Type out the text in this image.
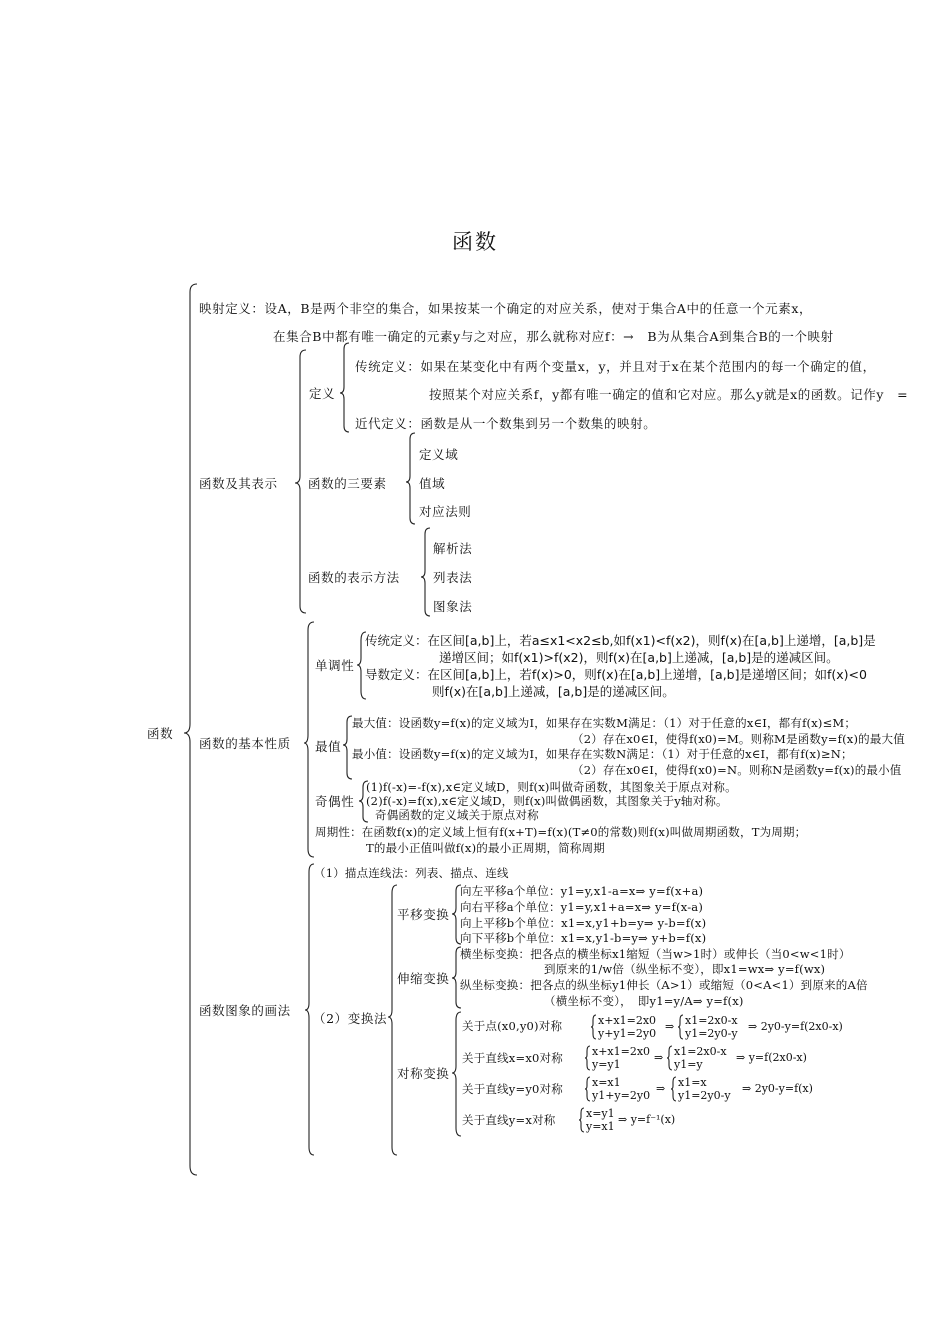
函数
函数
映射定义：设A，B是两个非空的集合，如果按某一个确定的对应关系，使对于集合A中的任意一个元素x，
在集合B中都有唯一确定的元素y与之对应，那么就称对应f：→　B为从集合A到集合B的一个映射
函数及其表示
定义
传统定义：如果在某变化中有两个变量x，y，并且对于x在某个范围内的每一个确定的值，
按照某个对应关系f，y都有唯一确定的值和它对应。那么y就是x的函数。记作y　=
近代定义：函数是从一个数集到另一个数集的映射。
函数的三要素
定义域
值域
对应法则
函数的表示方法
解析法
列表法
图象法
函数的基本性质
单调性
传统定义：在区间[a,b]上，若a≤x1<x2≤b,如f(x1)<f(x2)，则f(x)在[a,b]上递增，[a,b]是
递增区间；如f(x1)>f(x2)，则f(x)在[a,b]上递减，[a,b]是的递减区间。
导数定义：在区间[a,b]上，若f(x)>0，则f(x)在[a,b]上递增，[a,b]是递增区间；如f(x)<0
则f(x)在[a,b]上递减，[a,b]是的递减区间。
最值
最大值：设函数y=f(x)的定义域为I，如果存在实数M满足：（1）对于任意的x∈I，都有f(x)≤M；
（2）存在x0∈I，使得f(x0)=M。则称M是函数y=f(x)的最大值
最小值：设函数y=f(x)的定义域为I，如果存在实数N满足：（1）对于任意的x∈I，都有f(x)≥N；
（2）存在x0∈I，使得f(x0)=N。则称N是函数y=f(x)的最小值
奇偶性
(1)f(-x)=-f(x),x∈定义域D，则f(x)叫做奇函数，其图象关于原点对称。
(2)f(-x)=f(x),x∈定义域D，则f(x)叫做偶函数，其图象关于y轴对称。
奇偶函数的定义域关于原点对称
周期性：在函数f(x)的定义域上恒有f(x+T)=f(x)(T≠0的常数)则f(x)叫做周期函数，T为周期；
T的最小正值叫做f(x)的最小正周期，简称周期
函数图象的画法
（1）描点连线法：列表、描点、连线
（2）变换法
平移变换
向左平移a个单位：y1=y,x1-a=x⇒ y=f(x+a)
向右平移a个单位：y1=y,x1+a=x⇒ y=f(x-a)
向上平移b个单位：x1=x,y1+b=y⇒ y-b=f(x)
向下平移b个单位：x1=x,y1-b=y⇒ y+b=f(x)
伸缩变换
横坐标变换：把各点的横坐标x1缩短（当w>1时）或伸长（当0<w<1时）
到原来的1/w倍（纵坐标不变），即x1=wx⇒ y=f(wx)
纵坐标变换：把各点的纵坐标y1伸长（A>1）或缩短（0<A<1）到原来的A倍
（横坐标不变），　即y1=y/A⇒ y=f(x)
对称变换
关于点(x0,y0)对称	x+x1=2x0
y+y1=2y0
⇒ x1=2x0-x
y1=2y0-y
⇒ 2y0-y=f(2x0-x)
关于直线x=x0对称	x+x1=2x0
y=y1
⇒ x1=2x0-x
y1=y
⇒ y=f(2x0-x)
关于直线y=y0对称	x=x1
y1+y=2y0
⇒ x1=x
y1=2y0-y
⇒ 2y0-y=f(x)
关于直线y=x对称	x=y1
y=x1
⇒ y=f⁻¹(x)
